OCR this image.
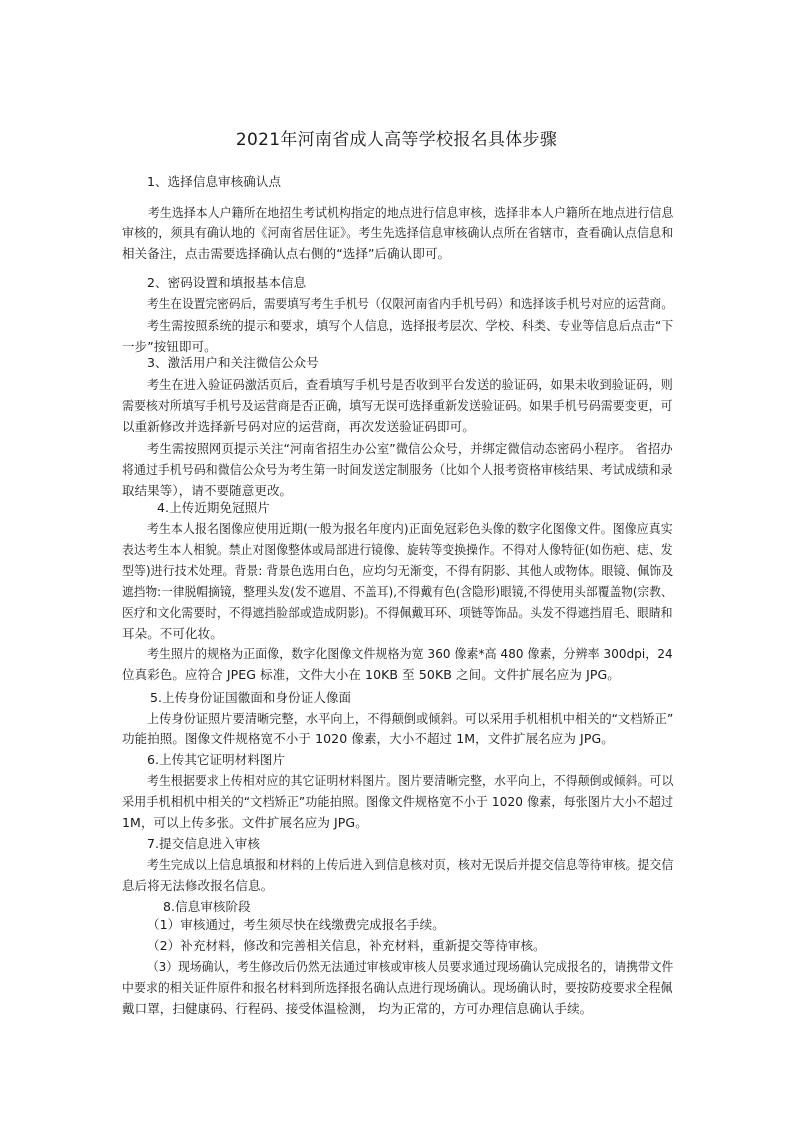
2021年河南省成人高等学校报名具体步骤
1、选择信息审核确认点
考生选择本人户籍所在地招生考试机构指定的地点进行信息审核，选择非本人户籍所在地点进行信息
审核的，须具有确认地的《河南省居住证》。考生先选择信息审核确认点所在省辖市，查看确认点信息和
相关备注，点击需要选择确认点右侧的“选择”后确认即可。
2、密码设置和填报基本信息
考生在设置完密码后，需要填写考生手机号（仅限河南省内手机号码）和选择该手机号对应的运营商。
考生需按照系统的提示和要求，填写个人信息，选择报考层次、学校、科类、专业等信息后点击“下
一步”按钮即可。
3、激活用户和关注微信公众号
考生在进入验证码激活页后，查看填写手机号是否收到平台发送的验证码，如果未收到验证码，则
需要核对所填写手机号及运营商是否正确，填写无误可选择重新发送验证码。如果手机号码需要变更，可
以重新修改并选择新号码对应的运营商，再次发送验证码即可。
考生需按照网页提示关注“河南省招生办公室”微信公众号，并绑定微信动态密码小程序。 省招办
将通过手机号码和微信公众号为考生第一时间发送定制服务（比如个人报考资格审核结果、考试成绩和录
取结果等），请不要随意更改。
4.上传近期免冠照片
考生本人报名图像应使用近期(一般为报名年度内)正面免冠彩色头像的数字化图像文件。图像应真实
表达考生本人相貌。禁止对图像整体或局部进行镜像、旋转等变换操作。不得对人像特征(如伤疤、痣、发
型等)进行技术处理。背景: 背景色选用白色，应均匀无渐变，不得有阴影、其他人或物体。眼镜、佩饰及
遮挡物:一律脱帽摘镜，整理头发(发不遮眉、不盖耳),不得戴有色(含隐形)眼镜,不得使用头部覆盖物(宗教、
医疗和文化需要时，不得遮挡脸部或造成阴影)。不得佩戴耳环、项链等饰品。头发不得遮挡眉毛、眼睛和
耳朵。不可化妆。
考生照片的规格为正面像，数字化图像文件规格为宽 360 像素*高 480 像素，分辨率 300dpi，24
位真彩色。应符合 JPEG 标准，文件大小在 10KB 至 50KB 之间。文件扩展名应为 JPG。
5.上传身份证国徽面和身份证人像面
上传身份证照片要清晰完整，水平向上，不得颠倒或倾斜。可以采用手机相机中相关的“文档矫正”
功能拍照。图像文件规格宽不小于 1020 像素，大小不超过 1M，文件扩展名应为 JPG。
6.上传其它证明材料图片
考生根据要求上传相对应的其它证明材料图片。图片要清晰完整，水平向上，不得颠倒或倾斜。可以
采用手机相机中相关的“文档矫正”功能拍照。图像文件规格宽不小于 1020 像素，每张图片大小不超过
1M，可以上传多张。文件扩展名应为 JPG。
7.提交信息进入审核
考生完成以上信息填报和材料的上传后进入到信息核对页，核对无误后并提交信息等待审核。提交信
息后将无法修改报名信息。
8.信息审核阶段
（1）审核通过，考生须尽快在线缴费完成报名手续。
（2）补充材料，修改和完善相关信息，补充材料，重新提交等待审核。
（3）现场确认，考生修改后仍然无法通过审核或审核人员要求通过现场确认完成报名的，请携带文件
中要求的相关证件原件和报名材料到所选择报名确认点进行现场确认。现场确认时，要按防疫要求全程佩
戴口罩，扫健康码、行程码、接受体温检测， 均为正常的，方可办理信息确认手续。
